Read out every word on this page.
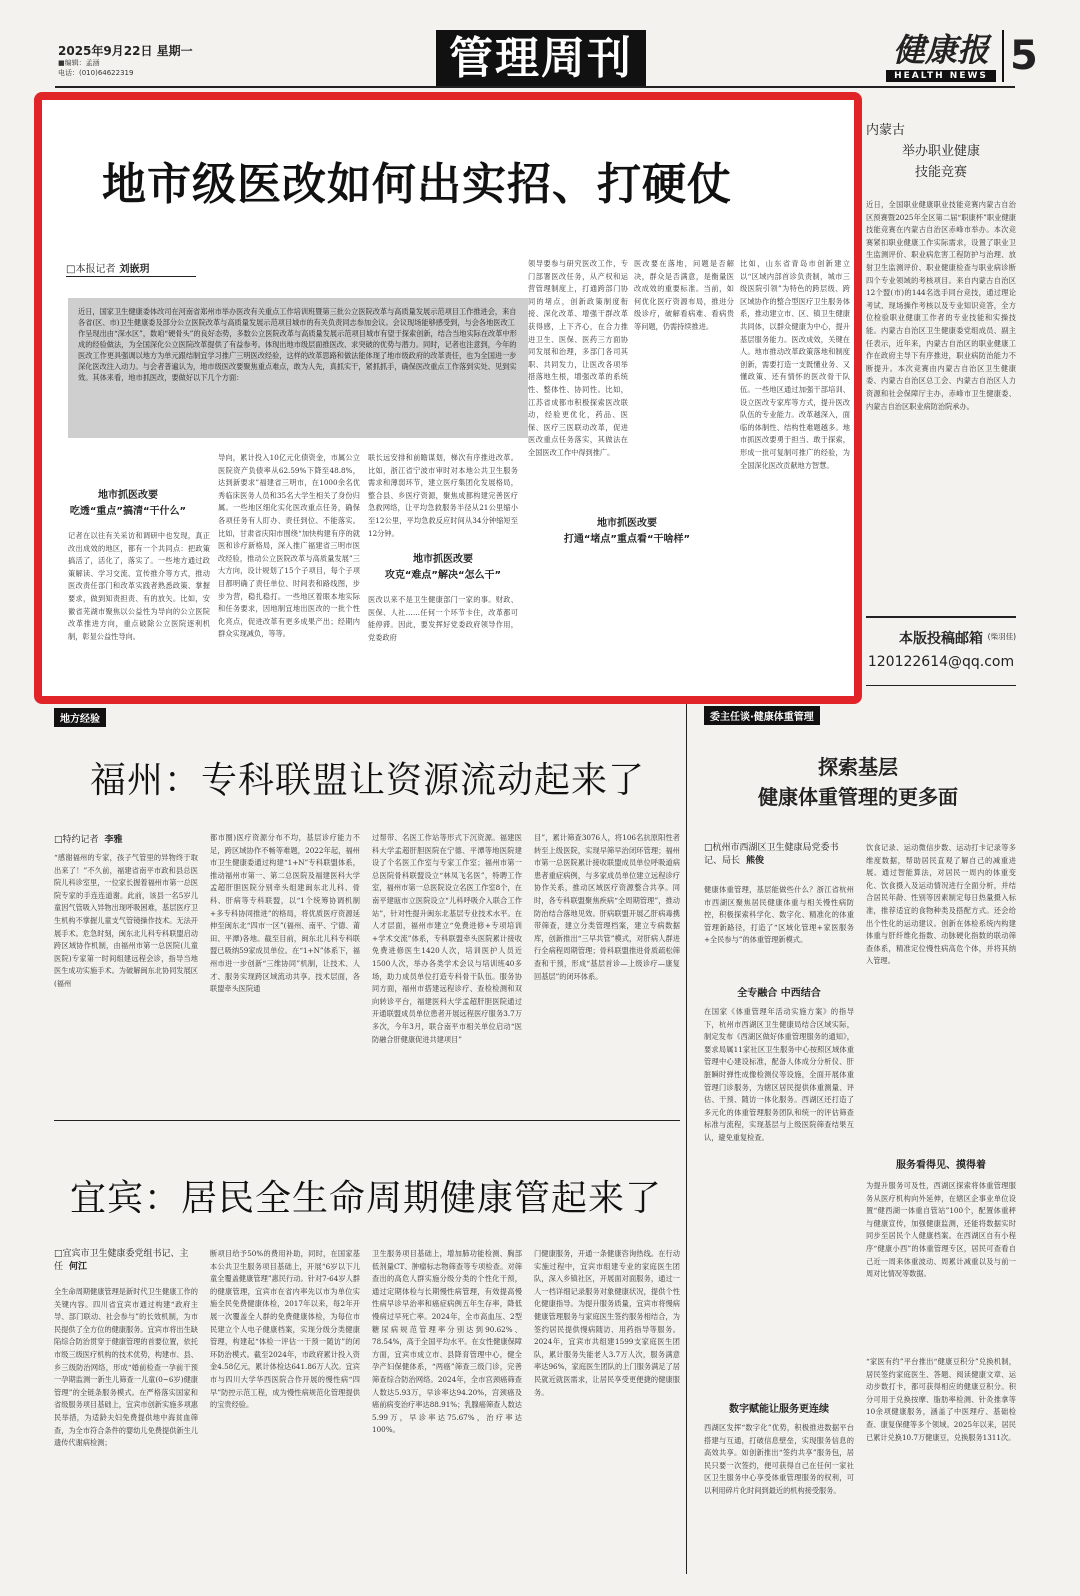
2025年9月22日 星期一
■编辑：孟涵
电话：(010)64622319	管理周刊	健康报
HEALTH NEWS 5
地市级医改如何出实招、打硬仗
□本报记者 刘嵌玥
近日，国家卫生健康委体改司在河南省郑州市举办医改有关重点工作培训班暨第三批公立医院改革与高质量发展示范项目工作推进会，来自各省(区、市)卫生健康委及部分公立医院改革与高质量发展示范项目城市的有关负责同志参加会议。会议现场能够感受到，与会各地医改工作呈现出由“深水区”，数咱“硬骨头”的良好态势，多数公立医院改革与高质量发展示范项目城市有望于探索创新，结合当地实际在改革中形成的经验做法，为全国深化公立医院改革提供了有益参考。体现出地市级层面推医改、求突破的优势与潜力。同时，记者也注意到，今年的医改工作更具强调以地方为单元跟结制宜学习推广三明医改经验，这样的改革思路和做法能体现了地市级政府的改革责任，也为全国进一步深化医改注入动力。与会者普遍认为，地市级医改要聚焦重点难点，敢为人先，真抓实干，紧抓抓手，确保医改重点工作落到实处、见到实效。其体来看，地市抓医改，要做好以下几个方面：
领导要参与研究医改工作，专门部署医改任务，从产权和运营管理制度上，打通跨部门协同的堵点，创新政策制度衔接、深化改革、增强干群改革获得感，上下齐心，在合力推进卫生、医保、医药三方面协同发展和治理，多部门各司其职、共同发力，让医改各项举措落地生根，增强改革的系统性、整体性、协同性。比如，江苏省成都市积极探索医改联动，经验更优化，药品、医保、医疗三医联动改革，促进医改重点任务落实，其做法在全国医改工作中得到推广。
医改要在落地，问题是否解决，群众是否满意，是衡量医改成效的重要标准。当前，如何优化医疗资源布局，推进分级诊疗，破解看病难、看病贵等问题，仍需持续推进。
比如，山东省青岛市创新建立以“区域内部首诊负责制，城市三级医院引领”为特色的跨层级、跨区域协作的整合型医疗卫生服务体系，推动建立市、区、镇卫生健康共同体，以群众健康为中心，提升基层服务能力。医改成效，关键在人。地市推动改革政策落地和制度创新，需要打造一支既懂业务、又懂政策、还有情怀的医改骨干队伍。一些地区通过加强干部培训、设立医改专家库等方式，提升医改队伍的专业能力。改革越深入，面临的体制性、结构性难题越多。地市抓医改要勇于担当、敢于探索，形成一批可复制可推广的经验，为全国深化医改贡献地方智慧。
地市抓医改要
吃透“重点”搞清“干什么”
记者在以往有关采访和调研中也发现，真正改出成效的地区，都有一个共同点：把政策搞活了，活化了，落实了。一些地方通过政策解读、学习交流、宣传推介等方式，推动医改责任部门和改革实践者熟悉政策、掌握要求，做到知责担责、有的放矢。比如，安徽省芜湖市聚焦以公益性为导向的公立医院改革推进方向，重点破除公立医院逐利机制，彰显公益性导向。
导向，累计投入10亿元化债资金，市属公立医院资产负债率从62.59%下降至48.8%，达到新要求”福建省三明市，在1000余名优秀临床医务人员和35名大学生相关了身份归属。一些地区细化实化医改重点任务，确保各项任务有人盯办、责任到位、不能落实。比如，甘肃省庆阳市围绕“加快构建有序的就医和诊疗新格局，深入推广福建省三明市医改经验，推动公立医院改革与高质量发展”三大方向，设计规划了15个子项目，每个子项目都明确了责任单位、时间表和路线图，步步为营，稳扎稳打。一些地区着眼本地实际和任务要求，因地制宜地出医改的一批个性化亮点，促进改革有更多成果产出；经期内群众实现减负，等等。
联长远安排和前瞻谋划，梯次有序推进改革。比如，浙江省宁波市审时对本地公共卫生服务需求和薄弱环节，建立医疗集团化发展格局，整合县、乡医疗资源，聚焦成都构建完善医疗急救网络，让平均急救服务半径从21公里缩小至12公里，平均急救反应时间从34分钟缩短至12分钟。
地市抓医改要
攻克“难点”解决“怎么干”
医改以来不是卫生健康部门一家的事。财政、医保、人社……任何一个环节卡住，改革都可能停滞。因此，要发挥好党委政府领导作用，党委政府
地市抓医改要
打通“堵点”重点看“干啥样”
内蒙古
举办职业健康
技能竞赛
近日，全国职业健康职业技能竞赛内蒙古自治区预赛暨2025年全区第二届“职康杯”职业健康技能竞赛在内蒙古自治区赤峰市举办。本次竞赛紧扣职业健康工作实际需求，设置了职业卫生监测评价、职业病危害工程防护与治理、放射卫生监测评价、职业健康检查与职业病诊断四个专业领域的考核项目。来自内蒙古自治区12个盟(市)的144名选手同台竞技，通过理论考试、现场操作考核以及专业知识竞答，全方位检验职业健康工作者的专业技能和实操技能。内蒙古自治区卫生健康委党组成员、副主任表示，近年来，内蒙古自治区的职业健康工作在政府主导下有序推进，职业病防治能力不断提升。本次竞赛由内蒙古自治区卫生健康委、内蒙古自治区总工会、内蒙古自治区人力资源和社会保障厅主办，赤峰市卫生健康委、内蒙古自治区职业病防治院承办。
(柴羽佳)
本版投稿邮箱
120122614@qq.com
地方经验
福州：专科联盟让资源流动起来了
□特约记者 李雅
“感谢福州的专家，孩子气管里的异物终于取出来了！”不久前，福建省南平市政和县总医院儿科诊室里，一位家长握着福州市第一总医院专家的手连连道谢。此前，该县一名5岁儿童因气管吸入异物出现呼吸困难，基层医疗卫生机构不掌握儿童支气管镜操作技术。无法开展手术。危急时刻，闽东北儿科专科联盟启动跨区域协作机制，由福州市第一总医院(儿童医院)专家第一时间组建远程会诊，指导当地医生成功实施手术。为破解闽东北协同发展区(福州
都市圈)医疗资源分布不均，基层诊疗能力不足，跨区域协作不畅等难题，2022年起，福州市卫生健康委通过构建“1+N”专科联盟体系，推动福州市第一、第二总医院及福建医科大学孟超肝胆医院分别牵头组建闽东北儿科、骨科、肝病等专科联盟，以“1个统筹协调机制+多专科协同推进”的格局，将优质医疗资源延伸至闽东北“四市一区”(福州、南平、宁德、莆田、平潭)各地。截至目前，闽东北儿科专科联盟已吸纳59家成员单位。在“1+N”体系下，福州市进一步创新“三维协同”机制，让技术、人才、服务实现跨区域流动共享。技术层面，各联盟牵头医院通
过帮带、名医工作站等形式下沉资源。福建医科大学孟超肝胆医院在宁德、平潭等地医院建设了个名医工作室与专家工作室；福州市第一总医院骨科联盟设立“林凤飞名医”，特聘工作室，福州市第一总医院设立名医工作室8个，在南平建瓯市立医院设立“儿科呼吸介入联合工作站”，针对性提升闽东北基层专业技术水平。在人才层面，福州市建立“免费进修+专项培训+学术交流”体系，专科联盟牵头医院累计接收免费进修医生1420人次，培训医护人员近1500人次，举办各类学术会议与培训班40多场，助力成员单位打造专科骨干队伍。服务协同方面，福州市搭建远程诊疗、查检检测和双向转诊平台，福建医科大学孟超肝胆医院通过开通联盟成员单位患者开展远程医疗服务3.7万多次，今年3月，联合南平市相关单位启动“医防融合肝健康促进共建项目”
目”，累计筛查3076人，将106名抗原阳性者转至上级医院，实现早筛早治闭环管理；福州市第一总医院累计接收联盟成员单位呼吸道病患者重症病例，与多家成员单位建立远程诊疗协作关系，推动区域医疗资源整合共享。同时，各专科联盟聚焦疾病“全周期管理”，推动防治结合落地见效。肝病联盟开展乙肝病毒携带筛查，建立分类管理档案，建立专病数据库，创新推出“三早共管”模式，对肝病人群进行全病程周期管理；骨科联盟推进骨质疏松筛查和干预，形成“基层首诊—上级诊疗—康复回基层”的闭环体系。
宜宾：居民全生命周期健康管起来了
□宜宾市卫生健康委党组书记、主任 何江
全生命周期健康管理是新时代卫生健康工作的关键内容。四川省宜宾市通过构建“政府主导、部门联动、社会参与”的长效机制，为市民提供了全方位的健康服务。宜宾市将出生缺陷综合防治贯穿于健康管理的首要位置，依托市级三级医疗机构的技术优势，构建市、县、乡三级防治网络，形成“婚前检查一孕前干预一孕期监测一新生儿筛查一儿童(0~6岁)健康管理”的全链条服务模式。在严格落实国家和省级服务项目基础上，宜宾市创新实施多项惠民举措，为适龄夫妇免费提供地中海贫血筛查，为全市符合条件的婴幼儿免费提供新生儿遗传代谢病检测；
断项目给予50%的费用补助，同时，在国家基本公共卫生服务项目基础上，开展“6岁以下儿童全覆盖健康管理”惠民行动。针对7-64岁人群的健康管理，宜宾市在省内率先以市为单位实施全民免费健康体检，2017年以来，每2年开展一次覆盖全人群的免费健康体检，为每位市民建立个人电子健康档案，实现分级分类健康管理，构建起“体检一评估一干预一随访”的闭环防治模式。截至2024年，市政府累计投入资金4.58亿元，累计体检达641.86万人次。宜宾市与四川大学华西医院合作开展的慢性病“四早”防控示范工程，成为慢性病规范化管理提供的宝贵经验。
卫生服务项目基础上，增加肺功能检测、胸部低剂量CT、肿瘤标志物筛查等专项检查。对筛查出的高危人群实施分级分类的个性化干预，通过定期体检与长期慢性病管理，有效提高慢性病早诊早治率和癌症病例五年生存率，降低慢病过早死亡率。2024年，全市高血压、2型糖尿病规范管理率分别达到90.62%、78.54%，高于全国平均水平。在女性健康保障方面，宜宾市成立市、县降育管理中心，健全孕产妇保健体系，“两癌”筛查三级门诊，完善筛查综合防治网络。2024年，全市宫颈癌筛查人数达5.93万，早诊率达94.20%，宫颈癌及癌前病变治疗率达88.91%；乳腺癌筛查人数达5.99万，早诊率达75.67%，治疗率达100%。
门健康服务，开通一条健康咨询热线。在行动实施过程中，宜宾市组建专业的家庭医生团队，深入乡镇社区，开展面对面服务，通过一人一档详细记录服务对象健康状况，提供个性化健康指导。为提升服务质量，宜宾市将慢病健康管理服务与家庭医生签约服务相结合，为签约居民提供慢病随访、用药指导等服务。2024年，宜宾市共组建1599支家庭医生团队，累计服务失能老人3.7万人次，服务满意率达96%，家庭医生团队的上门服务满足了居民就近就医需求，让居民享受更便捷的健康服务。
委主任谈·健康体重管理
探索基层
健康体重管理的更多面
□杭州市西湖区卫生健康局党委书记、局长 熊俊
健康体重管理，基层能做些什么？浙江省杭州市西湖区聚焦居民健康体重与相关慢性病防控，积极探索科学化、数字化、精准化的体重管理新路径，打造了“区域化管理+家医服务+全民参与”的体重管理新模式。
全专融合 中西结合
在国家《体重管理年活动实施方案》的指导下，杭州市西湖区卫生健康局结合区域实际，制定发布《西湖区做好体重管理服务的通知》，要求局属11家社区卫生服务中心按照区域体重管理中心建设标准，配备人体成分分析仪、肝脏瞬时弹性成像检测仪等设施，全面开展体重管理门诊服务，为辖区居民提供体重测量、评估、干预、随访一体化服务。西湖区还打造了多元化的体重管理服务团队和统一的评估筛查标准与流程，实现基层与上级医院筛查结果互认，避免重复检查。
数字赋能让服务更连续
西湖区发挥“数字化”优势，积极推进数据平台搭建与互通，打破信息壁垒，实现服务信息的高效共享。如创新推出“签约共享”服务包，居民只要一次签约，便可获得自己在任何一家社区卫生服务中心享受体重管理服务的权利，可以利用碎片化时间到最近的机构接受服务。
饮食记录、运动微信步数、运动打卡记录等多维度数据，帮助居民直观了解自己的减重进展。通过智能算法，对居民一周内的体重变化、饮食摄入及运动情况进行全面分析，并结合居民年龄、性别等因素制定每日热量摄入标准，推荐适宜的食物种类及搭配方式。还会给出个性化的运动建议。创新在体检系统内构建体重与肝纤维化指数、动脉硬化指数的联动筛查体系，精准定位慢性病高危个体，并将其纳入管理。
服务看得见、摸得着
为提升服务可及性，西湖区探索将体重管理服务从医疗机构向外延伸，在辖区企事业单位设置“健西湖一体重自管站”100个，配置体重秤与健康宣传，加强健康监测，还能将数据实时同步至居民个人健康档案。在西湖区自有小程序“健康小西”的体重管理专区，居民可查看自己近一周来体重波动、周累计减重以及与前一周对比情况等数据。
“家医有约”平台推出“健康豆积分”兑换机制，居民签约家庭医生、答题、阅读健康文章、运动步数打卡，都可获得相应的健康豆积分。积分可用于兑换按摩、脂肪率检测、针灸推拿等10余项健康服务，涵盖了中医理疗、基础检查、康复保健等多个领域。2025年以来，居民已累计兑换10.7万健康豆，兑换服务1311次。
